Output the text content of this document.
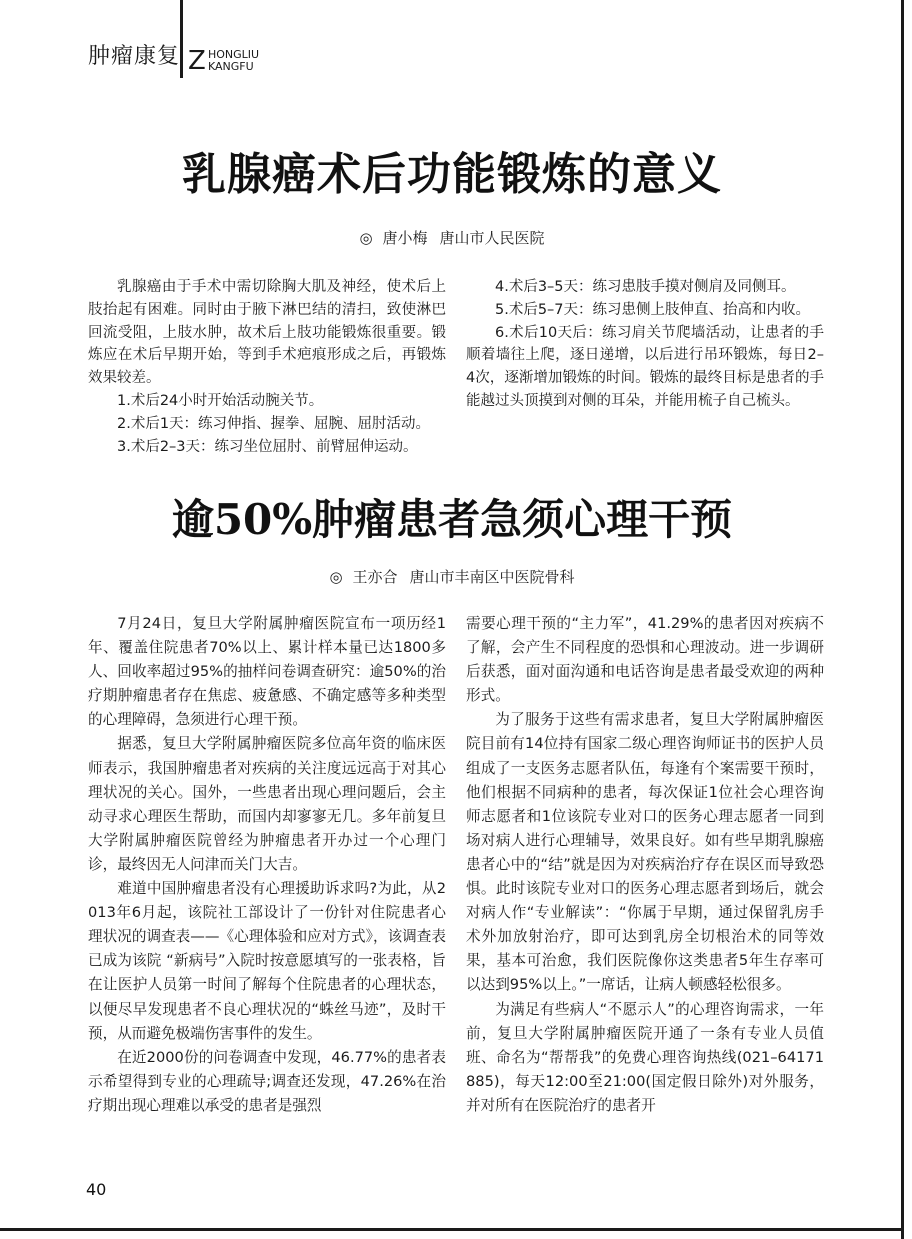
肿瘤康复 Z HONGLIU
KANGFU
乳腺癌术后功能锻炼的意义
◎ 唐小梅 唐山市人民医院

乳腺癌由于手术中需切除胸大肌及神经，使术后上肢抬起有困难。同时由于腋下淋巴结的清扫，致使淋巴回流受阻，上肢水肿，故术后上肢功能锻炼很重要。锻炼应在术后早期开始，等到手术疤痕形成之后，再锻炼效果较差。

1.术后24小时开始活动腕关节。

2.术后1天：练习伸指、握拳、屈腕、屈肘活动。

3.术后2–3天：练习坐位屈肘、前臂屈伸运动。

4.术后3–5天：练习患肢手摸对侧肩及同侧耳。

5.术后5–7天：练习患侧上肢伸直、抬高和内收。

6.术后10天后：练习肩关节爬墙活动，让患者的手顺着墙往上爬，逐日递增，以后进行吊环锻炼，每日2–4次，逐渐增加锻炼的时间。锻炼的最终目标是患者的手能越过头顶摸到对侧的耳朵，并能用梳子自己梳头。

逾50%肿瘤患者急须心理干预
◎ 王亦合 唐山市丰南区中医院骨科

7月24日，复旦大学附属肿瘤医院宣布一项历经1年、覆盖住院患者70%以上、累计样本量已达1800多人、回收率超过95%的抽样问卷调查研究：逾50%的治疗期肿瘤患者存在焦虑、疲惫感、不确定感等多种类型的心理障碍，急须进行心理干预。

据悉，复旦大学附属肿瘤医院多位高年资的临床医师表示，我国肿瘤患者对疾病的关注度远远高于对其心理状况的关心。国外，一些患者出现心理问题后，会主动寻求心理医生帮助，而国内却寥寥无几。多年前复旦大学附属肿瘤医院曾经为肿瘤患者开办过一个心理门诊，最终因无人问津而关门大吉。

难道中国肿瘤患者没有心理援助诉求吗?为此，从2013年6月起，该院社工部设计了一份针对住院患者心理状况的调查表——《心理体验和应对方式》，该调查表已成为该院 “新病号”入院时按意愿填写的一张表格，旨在让医护人员第一时间了解每个住院患者的心理状态，以便尽早发现患者不良心理状况的“蛛丝马迹”，及时干预，从而避免极端伤害事件的发生。

在近2000份的问卷调查中发现，46.77%的患者表示希望得到专业的心理疏导;调查还发现，47.26%在治疗期出现心理难以承受的患者是强烈

需要心理干预的“主力军”，41.29%的患者因对疾病不了解，会产生不同程度的恐惧和心理波动。进一步调研后获悉，面对面沟通和电话咨询是患者最受欢迎的两种形式。

为了服务于这些有需求患者，复旦大学附属肿瘤医院目前有14位持有国家二级心理咨询师证书的医护人员组成了一支医务志愿者队伍，每逢有个案需要干预时，他们根据不同病种的患者，每次保证1位社会心理咨询师志愿者和1位该院专业对口的医务心理志愿者一同到场对病人进行心理辅导，效果良好。如有些早期乳腺癌患者心中的“结”就是因为对疾病治疗存在误区而导致恐惧。此时该院专业对口的医务心理志愿者到场后，就会对病人作“专业解读”：“你属于早期，通过保留乳房手术外加放射治疗，即可达到乳房全切根治术的同等效果，基本可治愈，我们医院像你这类患者5年生存率可以达到95%以上。”一席话，让病人顿感轻松很多。

为满足有些病人“不愿示人”的心理咨询需求，一年前，复旦大学附属肿瘤医院开通了一条有专业人员值班、命名为“帮帮我”的免费心理咨询热线(021–64171885)，每天12:00至21:00(国定假日除外)对外服务，并对所有在医院治疗的患者开

40
